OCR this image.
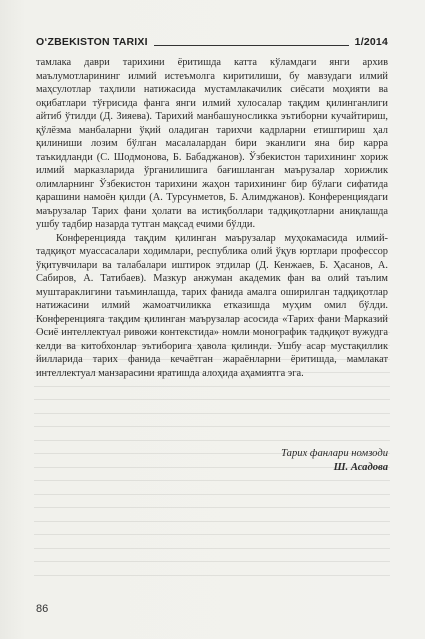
O‘ZBEKISTON TARIXI	1/2014

тамлака даври тарихини ёритишда катта кўламдаги янги архив маълумотларининг илмий истеъмолга киритилиши, бу мавзудаги илмий маҳсулотлар таҳлили натижасида мустамлакачилик сиёсати моҳияти ва оқибатлари тўғрисида фанга янги илмий хулосалар тақдим қилинганлиги айтиб ўтилди (Д. Зияева). Тарихий манбашуносликка эътиборни кучайтириш, қўлёзма манбаларни ўқий оладиган тарихчи кадрларни етиштириш ҳал қилиниши лозим бўлган масалалардан бири эканлиги яна бир карра таъкидланди (С. Шодмонова, Б. Бабаджанов). Ўзбекистон тарихининг хориж илмий марказларида ўрганилишига бағишланган маърузалар хорижлик олимларнинг Ўзбекистон тарихини жаҳон тарихининг бир бўлаги сифатида қарашини намоён қилди (А. Турсунметов, Б. Алимджанов). Конференциядаги маърузалар Тарих фани ҳолати ва истиқболлари тадқиқотларни аниқлашда ушбу тадбир назарда тутган мақсад ечими бўлди.

Конференцияда тақдим қилинган маърузалар муҳокамасида илмий-тадқиқот муассасалари ходимлари, республика олий ўқув юртлари профессор ўқитувчилари ва талабалари иштирок этдилар (Д. Кенжаев, Б. Ҳасанов, А. Сабиров, А. Татибаев). Мазкур анжуман академик фан ва олий таълим муштараклигини таъминлашда, тарих фанида амалга оширилган тадқиқотлар натижасини илмий жамоатчиликка етказишда муҳим омил бўлди. Конференцияга тақдим қилинган маърузалар асосида «Тарих фани Марказий Осиё интеллектуал ривожи контекстида» номли монографик тадқиқот вужудга келди ва китобхонлар эътиборига ҳавола қилинди. Ушбу асар мустақиллик йилларида тарих фанида кечаётган жараёнларни ёритишда, мамлакат интеллектуал манзарасини яратишда алоҳида аҳамиятга эга.

Тарих фанлари номзоди
Ш. Асадова
86
